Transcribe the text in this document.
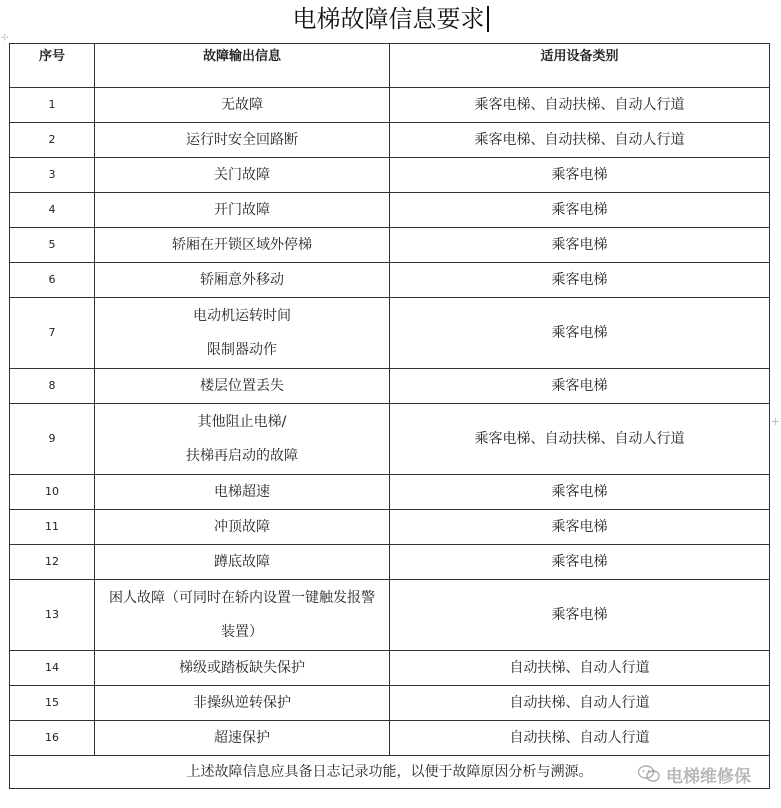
电梯故障信息要求
⊹
+
序号	故障输出信息	适用设备类别
1	无故障	乘客电梯、自动扶梯、自动人行道
2	运行时安全回路断	乘客电梯、自动扶梯、自动人行道
3	关门故障	乘客电梯
4	开门故障	乘客电梯
5	轿厢在开锁区域外停梯	乘客电梯
6	轿厢意外移动	乘客电梯
7	电动机运转时间
限制器动作	乘客电梯
8	楼层位置丢失	乘客电梯
9	其他阻止电梯/
扶梯再启动的故障	乘客电梯、自动扶梯、自动人行道
10	电梯超速	乘客电梯
11	冲顶故障	乘客电梯
12	蹲底故障	乘客电梯
13	困人故障（可同时在轿内设置一键触发报警
装置）	乘客电梯
14	梯级或踏板缺失保护	自动扶梯、自动人行道
15	非操纵逆转保护	自动扶梯、自动人行道
16	超速保护	自动扶梯、自动人行道
上述故障信息应具备日志记录功能，以便于故障原因分析与溯源。			电梯维修保
